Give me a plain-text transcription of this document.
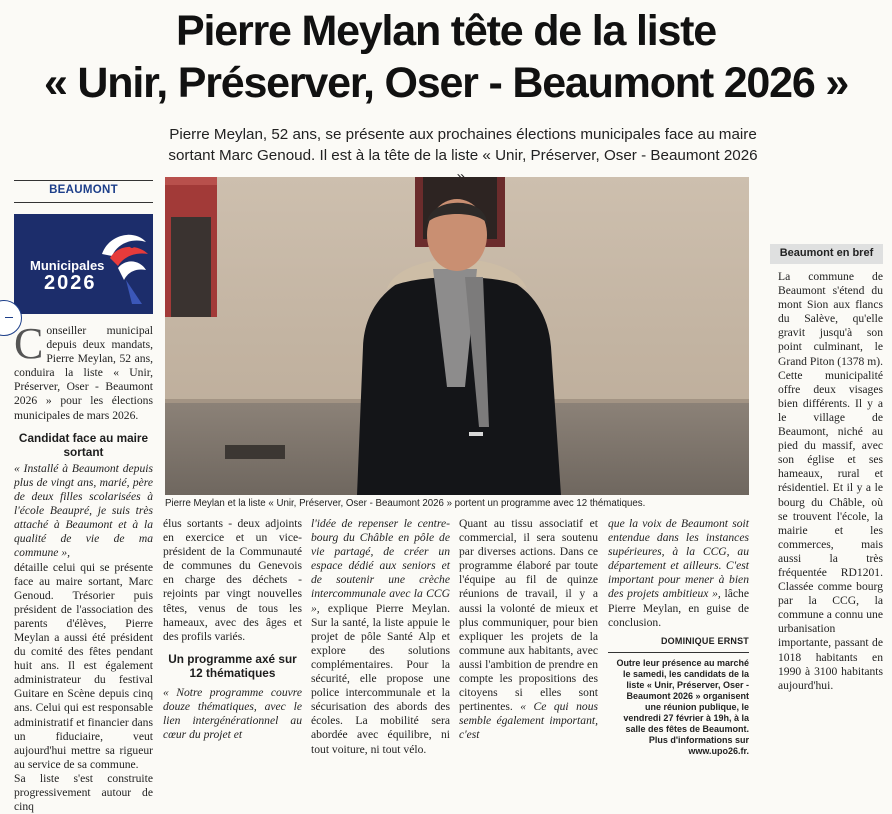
Pierre Meylan tête de la liste
« Unir, Préserver, Oser - Beaumont 2026 »
Pierre Meylan, 52 ans, se présente aux prochaines élections municipales face au maire sortant Marc Genoud. Il est à la tête de la liste « Unir, Préserver, Oser - Beaumont 2026
BEAUMONT
Municipales
2026

Conseiller municipal depuis deux mandats, Pierre Meylan, 52 ans, conduira la liste « Unir, Préserver, Oser - Beaumont 2026 » pour les élections municipales de mars 2026.

Candidat face au maire sortant

« Installé à Beaumont depuis plus de vingt ans, marié, père de deux filles scolarisées à l'école Beaupré, je suis très attaché à Beaumont et à la qualité de vie de ma commune »,

détaille celui qui se présente face au maire sortant, Marc Genoud. Trésorier puis président de l'association des parents d'élèves, Pierre Meylan a aussi été président du comité des fêtes pendant huit ans. Il est également administrateur du festival Guitare en Scène depuis cinq ans. Celui qui est responsable administratif et financier dans un fiduciaire, veut aujourd'hui mettre sa rigueur au service de sa commune.

Sa liste s'est construite progressivement autour de cinq

Pierre Meylan et la liste « Unir, Préserver, Oser - Beaumont 2026 » portent un programme avec 12 thématiques.

élus sortants - deux adjoints en exercice et un vice-président de la Communauté de communes du Genevois en charge des déchets - rejoints par vingt nouvelles têtes, venus de tous les hameaux, avec des âges et des profils variés.

Un programme axé sur 12 thématiques

« Notre programme couvre douze thématiques, avec le lien intergénérationnel au cœur du projet et

l'idée de repenser le centre-bourg du Châble en pôle de vie partagé, de créer un espace dédié aux seniors et de soutenir une crèche intercommunale avec la CCG », explique Pierre Meylan. Sur la santé, la liste appuie le projet de pôle Santé Alp et explore des solutions complémentaires. Pour la sécurité, elle propose une police intercommunale et la sécurisation des abords des écoles. La mobilité sera abordée avec équilibre, ni tout voiture, ni tout vélo.

Quant au tissu associatif et commercial, il sera soutenu par diverses actions. Dans ce programme élaboré par toute l'équipe au fil de quinze réunions de travail, il y a aussi la volonté de mieux et plus communiquer, pour bien expliquer les projets de la commune aux habitants, avec aussi l'ambition de prendre en compte les propositions des citoyens si elles sont pertinentes. « Ce qui nous semble également important, c'est

que la voix de Beaumont soit entendue dans les instances supérieures, à la CCG, au département et ailleurs. C'est important pour mener à bien des projets ambitieux », lâche Pierre Meylan, en guise de conclusion.

DOMINIQUE ERNST

Outre leur présence au marché le samedi, les candidats de la liste « Unir, Préserver, Oser - Beaumont 2026 » organisent une réunion publique, le vendredi 27 février à 19h, à la salle des fêtes de Beaumont. Plus d'informations sur www.upo26.fr.

Beaumont en bref

La commune de Beaumont s'étend du mont Sion aux flancs du Salève, qu'elle gravit jusqu'à son point culminant, le Grand Piton (1378 m). Cette municipalité offre deux visages bien différents. Il y a le village de Beaumont, niché au pied du massif, avec son église et ses hameaux, rural et résidentiel. Et il y a le bourg du Châble, où se trouvent l'école, la mairie et les commerces, mais aussi la très fréquentée RD1201. Classée comme bourg par la CCG, la commune a connu une urbanisation importante, passant de 1018 habitants en 1990 à 3100 habitants aujourd'hui.
